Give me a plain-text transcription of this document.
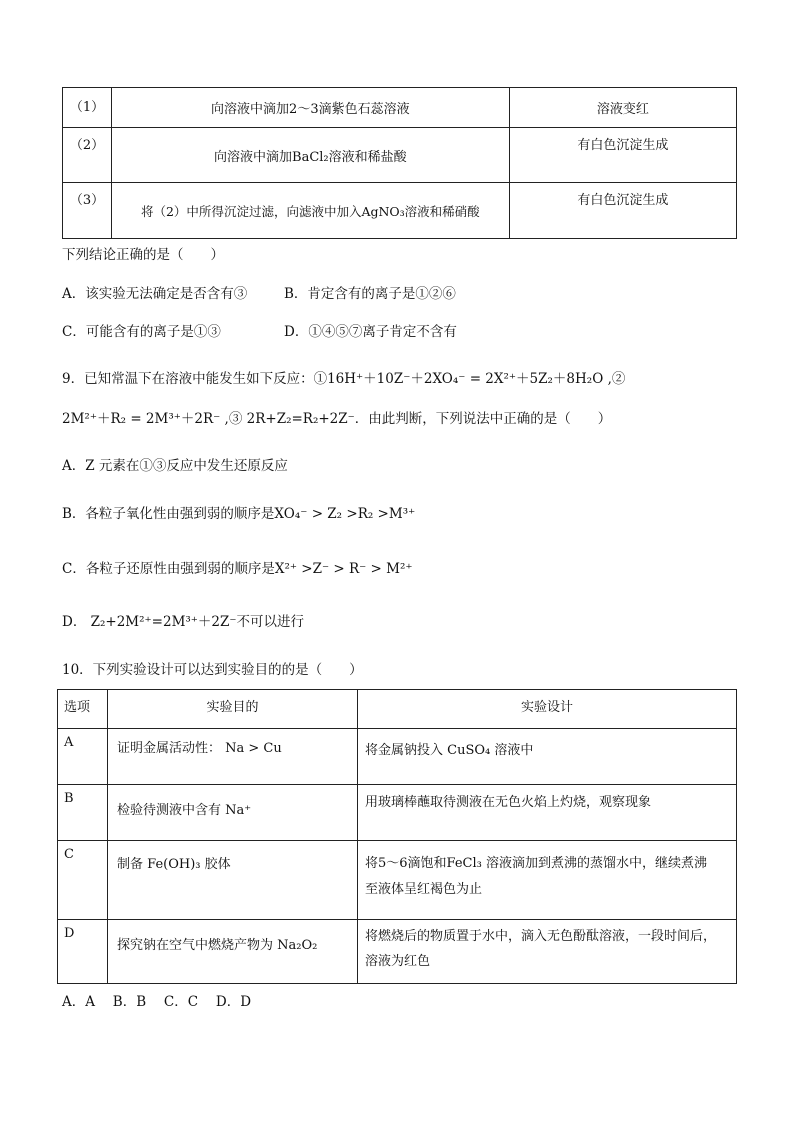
（1）	向溶液中滴加2～3滴紫色石蕊溶液	溶液变红
（2）	向溶液中滴加BaCl₂溶液和稀盐酸	有白色沉淀生成
（3）	将（2）中所得沉淀过滤，向滤液中加入AgNO₃溶液和稀硝酸	有白色沉淀生成
下列结论正确的是（　　）
A．该实验无法确定是否含有③	B．肯定含有的离子是①②⑥
C．可能含有的离子是①③	D．①④⑤⑦离子肯定不含有
9．已知常温下在溶液中能发生如下反应：①16H⁺＋10Z⁻＋2XO₄⁻ = 2X²⁺＋5Z₂＋8H₂O ,②
2M²⁺＋R₂ = 2M³⁺＋2R⁻ ,③ 2R+Z₂=R₂+2Z⁻．由此判断，下列说法中正确的是（　　）
A．Z 元素在①③反应中发生还原反应
B．各粒子氧化性由强到弱的顺序是XO₄⁻ > Z₂ >R₂ >M³⁺
C．各粒子还原性由强到弱的顺序是X²⁺ >Z⁻ > R⁻ > M²⁺
D． Z₂+2M²⁺=2M³⁺＋2Z⁻不可以进行
10．下列实验设计可以达到实验目的的是（　　）
选项	实验目的	实验设计
A	证明金属活动性： Na > Cu	将金属钠投入 CuSO₄ 溶液中
B	检验待测液中含有 Na⁺	用玻璃棒蘸取待测液在无色火焰上灼烧，观察现象
C	制备 Fe(OH)₃ 胶体	将5～6滴饱和FeCl₃ 溶液滴加到煮沸的蒸馏水中，继续煮沸
至液体呈红褐色为止

D	探究钠在空气中燃烧产物为 Na₂O₂	将燃烧后的物质置于水中，滴入无色酚酞溶液，一段时间后，
溶液为红色
A．A　 B．B　 C．C　 D．D
